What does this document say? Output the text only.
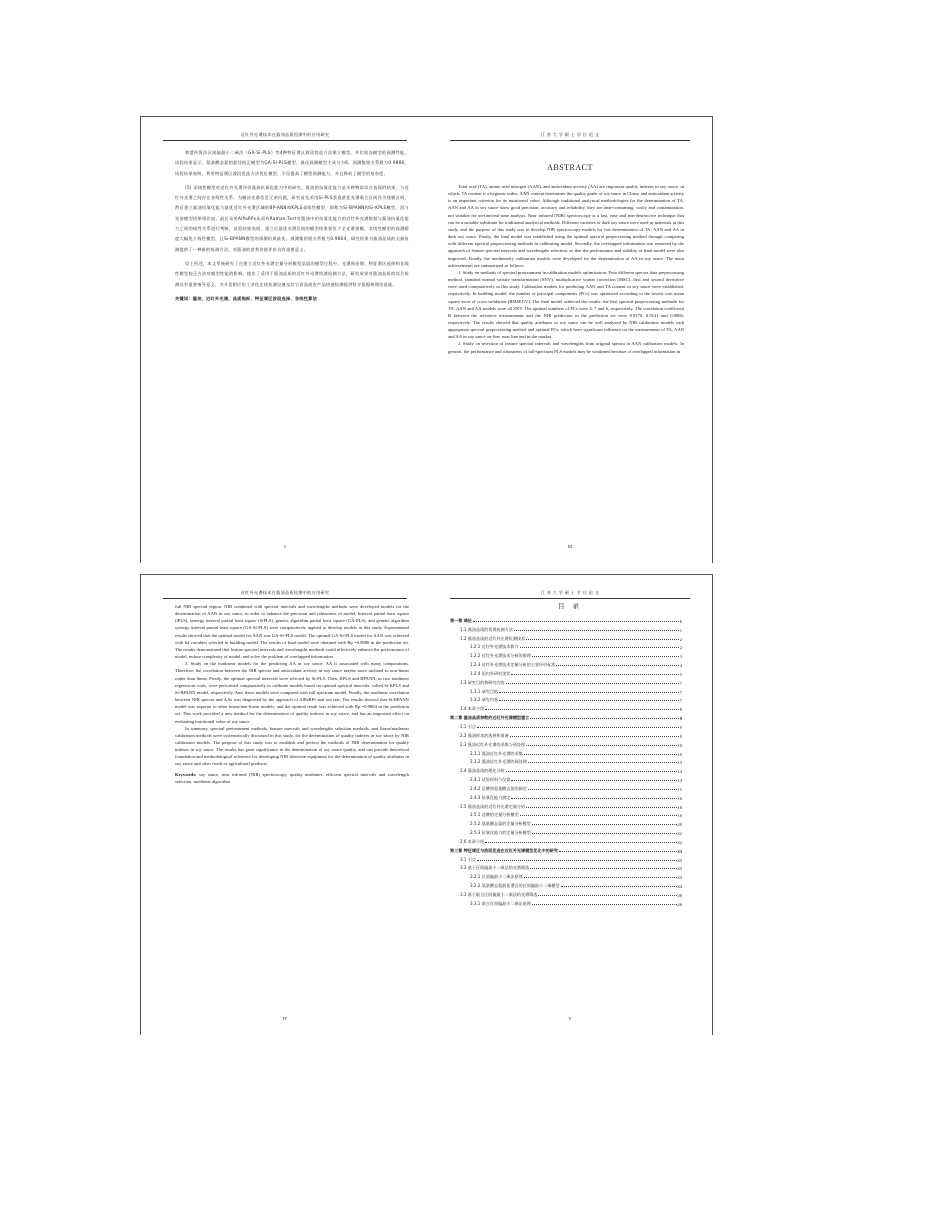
近红外光谱技术在酱油品质检测中的应用研究

和遗传算法区间偏最小二乘法（GA-Si-PLS）等4种特征谱区波段优选方法建立模型。并比较各模型的预测性能。试验结果显示，氨基酸态氮的最佳校正模型为GA-Si-PLS模型，最佳预测模型主成分为6。预测集相关系数为0.9880，试验结果表明，利用特征谱区波段优选方法优化模型，不仅提高了模型预测能力，并且降低了模型的复杂度。

(5) 非线性模型对近红外光谱评价酱油抗氧化能力中的研究。酱油的抗氧化能力是多种物质综合表现的结果，与近红外光谱之间存在非线性关系。为解决光谱信息冗余问题，研究首先采用Si-PLS获选最佳光谱联合区间作为建模区间，然后建立酱油抗氧化能力最优近红外光谱区域的BP-ANN和KPLS非线性模型，即称为Si-BPANN和Si-KPLS模型，再与先前模型结果相比较，最后采用AlPaRPs从而有Raman Test对酱油中的抗氧化能力的近红外光谱数据与酱油抗氧化能力之间的线性关系进行判断，试验结果表明，建立近最优光谱区间的模型结果要优于全光谱建模，非线性模型的预测精度大幅优于线性模型，且Si-BPANN模型的预测结果最优。预测集的相关系数为0.9804，研究结果为酱油品质的无损检测提供了一种新的检测方法，对酱油的营养价值评价具有重要意义。

综上所述，本文系统研究了在建立近红外光谱定量分析模型品质的模型过程中，光谱预处理、特征谱区选择和非线性模型校正方法对模型性能的影响。提出了适用于酱油品质的近红外光谱快速检测方法，研究成果对酱油品质的综合检测具有重要指导意义，为开发相应的工业化在线检测设备及其它食品或农产品快速检测提供科学依据和理论基础。

关键词：酱油，近红外光谱，品质指标，特征谱区波段选择，非线性算法

I
江 苏 大 学 硕 士 学 位 论 文
ABSTRACT

Total acid (TA), amino acid nitrogen (AAN), and antioxidant activity (AA) are important quality indexes in soy sauce, in which, TA content is a hygienic index; AAN content determines the quality grade of soy sauce in China; and antioxidant activity is an important criterion for its nutritional value. Although traditional analytical methodologies for the determination of TA, AAN and AA in soy sauce show good precision, accuracy and reliability, they are time-consuming, costly and contamination, not suitable for on-line/real-time analysis. Near infrared (NIR) spectroscopy is a fast, easy and non-destructive technique that can be a suitable substitute for traditional analytical methods. Different varieties of dark soy sauce were used as materials in this study, and the purpose of this study was to develop NIR spectroscopy models for fast determination of TA, AAN and AA in dark soy sauce. Firstly, the final model was established using the optimal spectral preprocessing method through comparing with different spectral preprocessing methods in calibrating model. Secondly, the overlapped information was removed by the approach of feature spectral intervals and wavelengths selection, so that the performance and stability of final model were also improved. Finally, the nonlinearity calibration models were developed for the determination of AA in soy sauce. The main achievements are summarized as follows:

1. Study on methods of spectral pretreatment in calibration models optimization. Four different spectra data preprocessing method, standard normal variate transformation (SNV), multiplicative scatter correction (MSC), first and second derivative were used comparatively in this study. Calibration models for predicting AAN and TA content in soy sauce were established, respectively. In building model, the number of principal components (PCs) was optimized according to the lowest root mean square error of cross-validation (RMSECV). The final model achieved the results: the best spectral preprocessing methods for TA, AAN and AA models were all SNV. The optimal numbers of PCs were 4, 7 and 6, respectively. The correlation coefficient R between the reference measurement and the NIR prediction in the prediction set were 0.9170, 0.9141 and 0.8866, respectively. The results showed that quality attributes in soy sauce can be well analyzed by NIR calibration models with appropriate spectral preprocessing method and optimal PCs, which have significant influence on the measurement of TA, AAN and AA in soy sauce on-line, near line and in the market.

2. Study on selection of feature spectral intervals and wavelengths from original spectra in AAN calibration models. In general, the performance and robustness of full-spectrum PLS models may be weakened because of overlapped information in

III
近红外光谱技术在酱油品质检测中的应用研究

full NIR spectral region. NIR combined with spectral intervals and wavelengths methods were developed models for the determination of AAN in soy sauce, in order to enhance the precision and robustness of model. Interval partial least square (iPLS), synergy interval partial least square (SiPLS), genetic algorithm partial least square (GA-PLS), and genetic algorithm synergy interval partial least square (GA-Si-PLS) were comparatively applied to develop models in this study. Experimental results showed that the optimal model for AAN was GA-Si-PLS model. The optimal GA-Si-PLS model for AAN was achieved with 64 variables selected in building model. The results of final model were obtained with Rp =0.9880 in the prediction set. The results demonstrated that feature spectral intervals and wavelengths methods could effectively enhance the performance of model, reduce complexity of model, and solve the problem of overlapped information.

3. Study on the nonlinear models for the predicting AA in soy sauce. AA is associated with many compositions. Therefore, the correlation between the NIR spectra and antioxidant activity in soy sauce maybe more inclined to non-linear rather than linear. Firstly, the optimal spectral intervals were selected by Si-PLS. Then, KPLS and BPANN, as two nonlinear regressions tools, were performed comparatively to calibrate models based on optimal spectral intervals, called Si-KPLS and Si-BPANN model, respectively. And, these models were compared with full spectrum model. Finally, the nonlinear correlation between NIR spectra and AAs was diagnosed by the approach of AlPaRPs and run test. The results showed that Si-BPANN model was superior to other linear/non-linear models, and the optimal result was achieved with Rp =0.9804 in the prediction set. This work provided a new method for the determination of quality indexes in soy sauce, and has an important effect on evaluating nutritional value of soy sauce.

In summary, spectral pretreatment methods, feature intervals and wavelengths selection methods, and linear/nonlinear calibration methods were systematically discussed in this study, for the determination of quality indexes in soy sauce by NIR calibration models. The purpose of this study was to establish and perfect the methods of NIR determination for quality indexes in soy sauce. The results has great significance in the determination of soy sauce quality, and can provide theoretical foundation and methodological reference for developing NIR detection equipment for the determination of quality attributes in soy sauce and other foods or agricultural products.

Keywords: soy sauce, near infrared (NIR) spectroscopy, quality attributes, efficient spectral intervals and wavelength selection, nonlinear algorithm

IV
江 苏 大 学 硕 士 学 位 论 文
目 录
第一章 绪论	1
1.1 酱油品质的常规检测方法	1
1.2 酱油品质的近红外光谱检测技术	2
1.2.1 近红外光谱技术简介	2
1.2.2 近红外光谱技术分析的原理	3
1.2.3 近红外光谱技术定量分析的主要评价标准	4
1.2.4 国内外研究现状	5
1.3 研究目的和研究内容	7
1.3.1 研究目的	7
1.3.2 研究内容	7
1.4 本章小结	8
第二章 酱油品质参数的近红外光谱模型建立	9
2.1 引言	9
2.2 酱油样本的选择和准备	9
2.3 酱油近红外光谱的采集与预处理	10
2.3.1 酱油近红外光谱的采集	10
2.3.2 酱油近红外光谱的预处理	13
2.4 酱油品质的理化分析	14
2.4.1 试验材料与仪器	14
2.4.2 总酸和氨基酸态氮的测定	15
2.4.3 抗氧化能力测定	16
2.5 酱油品质的近红外光谱定量分析	16
2.5.1 总酸的定量分析模型	16
2.5.2 氨基酸态氮的定量分析模型	20
2.5.3 抗氧化能力的定量分析模型	22
2.6 本章小结	22
第三章 特征谱区与波段优选在近红外光谱模型优化中的研究	23
3.1 引言	23
3.2 基于区间偏最小二乘法的光谱筛选	23
3.2.1 区间偏最小二乘法原理	23
3.2.2 氨基酸态氮最优谱区的区间偏最小二乘模型	24
3.3 基于联合区间偏最小二乘法的光谱筛选	26
3.3.1 联合区间偏最小二乘法原理	26
V
